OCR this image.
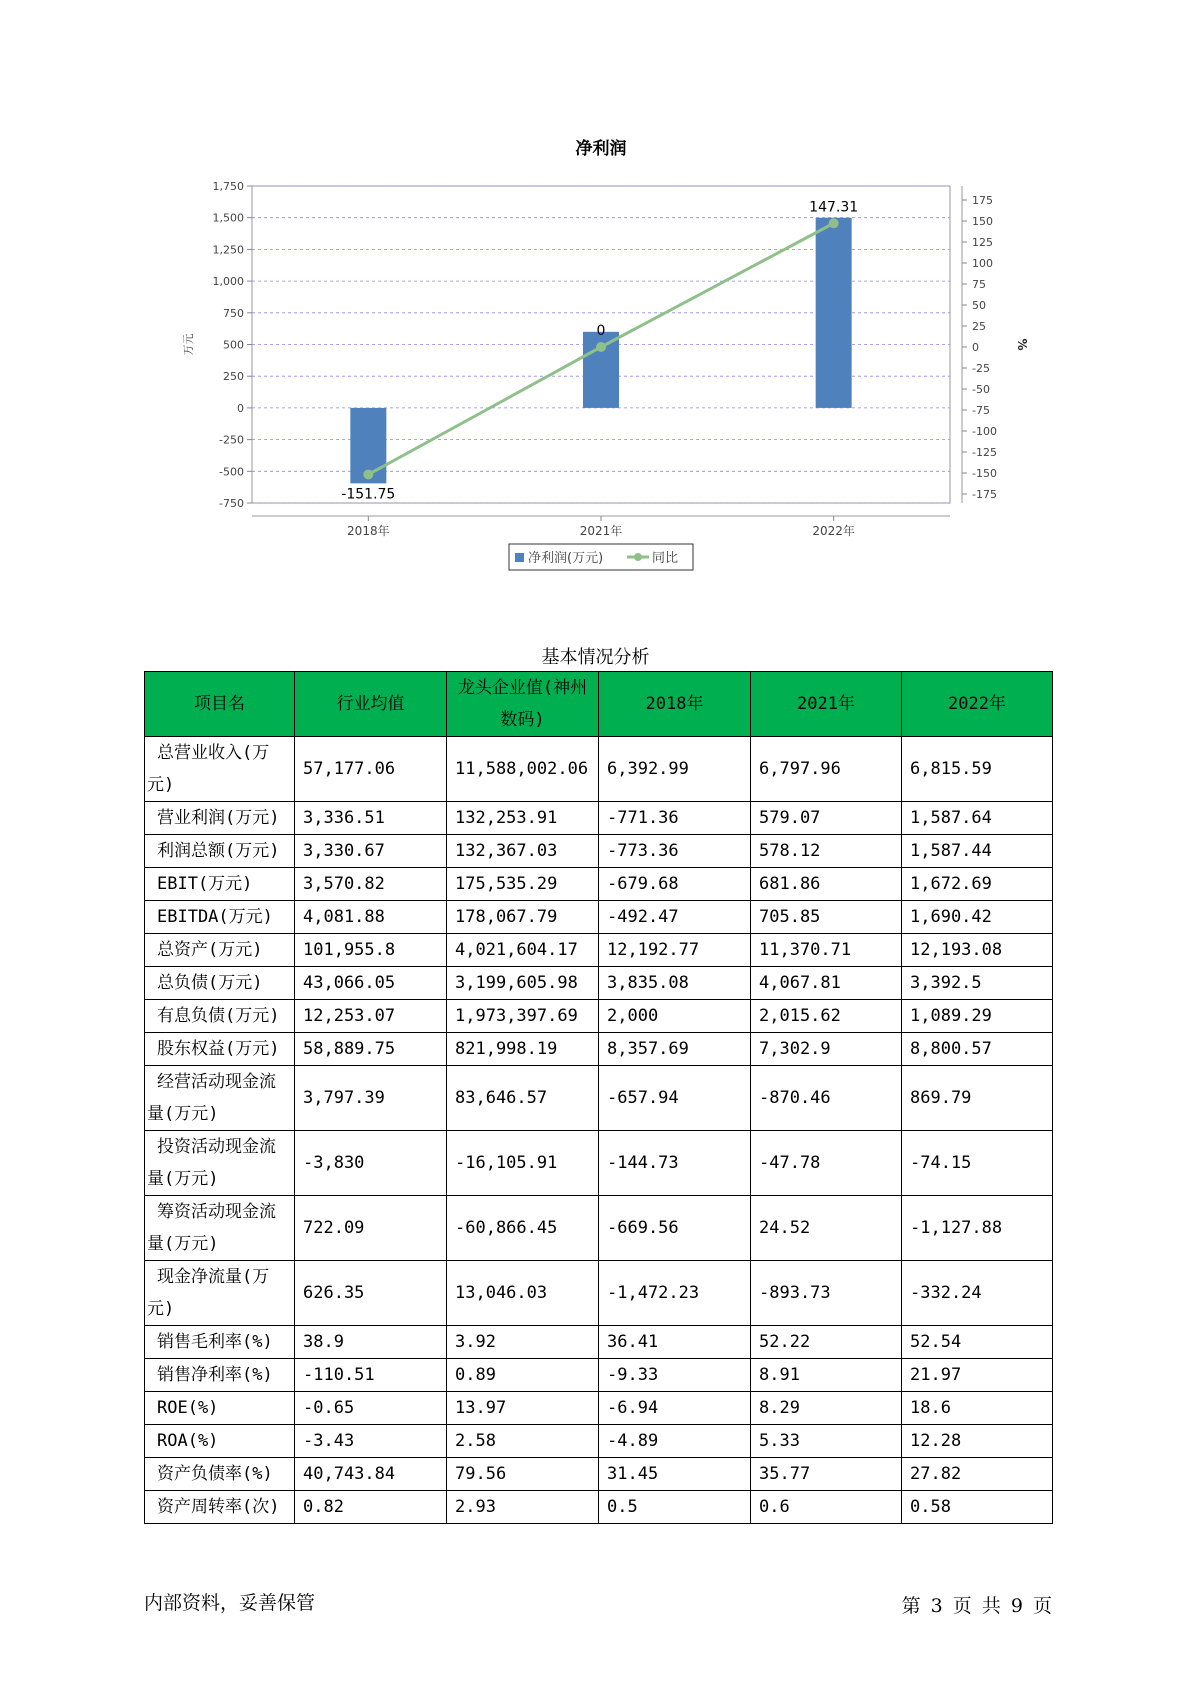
净利润
1,750
1,500
1,250
1,000
750
500
250
0
-250
-500
-750
175
150
125
100
75
50
25
0
-25
-50
-75
-100
-125
-150
-175
万元	%
2018年	2021年	2022年
-151.75
0
147.31
净利润(万元)	同比
基本情况分析
项目名	行业均值	龙头企业值(神州数码)	2018年	2021年	2022年
总营业收入(万元)	57,177.06	11,588,002.06	6,392.99	6,797.96	6,815.59
营业利润(万元)	3,336.51	132,253.91	-771.36	579.07	1,587.64
利润总额(万元)	3,330.67	132,367.03	-773.36	578.12	1,587.44
EBIT(万元)	3,570.82	175,535.29	-679.68	681.86	1,672.69
EBITDA(万元)	4,081.88	178,067.79	-492.47	705.85	1,690.42
总资产(万元)	101,955.8	4,021,604.17	12,192.77	11,370.71	12,193.08
总负债(万元)	43,066.05	3,199,605.98	3,835.08	4,067.81	3,392.5
有息负债(万元)	12,253.07	1,973,397.69	2,000	2,015.62	1,089.29
股东权益(万元)	58,889.75	821,998.19	8,357.69	7,302.9	8,800.57
经营活动现金流量(万元)	3,797.39	83,646.57	-657.94	-870.46	869.79
投资活动现金流量(万元)	-3,830	-16,105.91	-144.73	-47.78	-74.15
筹资活动现金流量(万元)	722.09	-60,866.45	-669.56	24.52	-1,127.88
现金净流量(万元)	626.35	13,046.03	-1,472.23	-893.73	-332.24
销售毛利率(%)	38.9	3.92	36.41	52.22	52.54
销售净利率(%)	-110.51	0.89	-9.33	8.91	21.97
ROE(%)	-0.65	13.97	-6.94	8.29	18.6
ROA(%)	-3.43	2.58	-4.89	5.33	12.28
资产负债率(%)	40,743.84	79.56	31.45	35.77	27.82
资产周转率(次)	0.82	2.93	0.5	0.6	0.58
内部资料，妥善保管	第 3 页 共 9 页
